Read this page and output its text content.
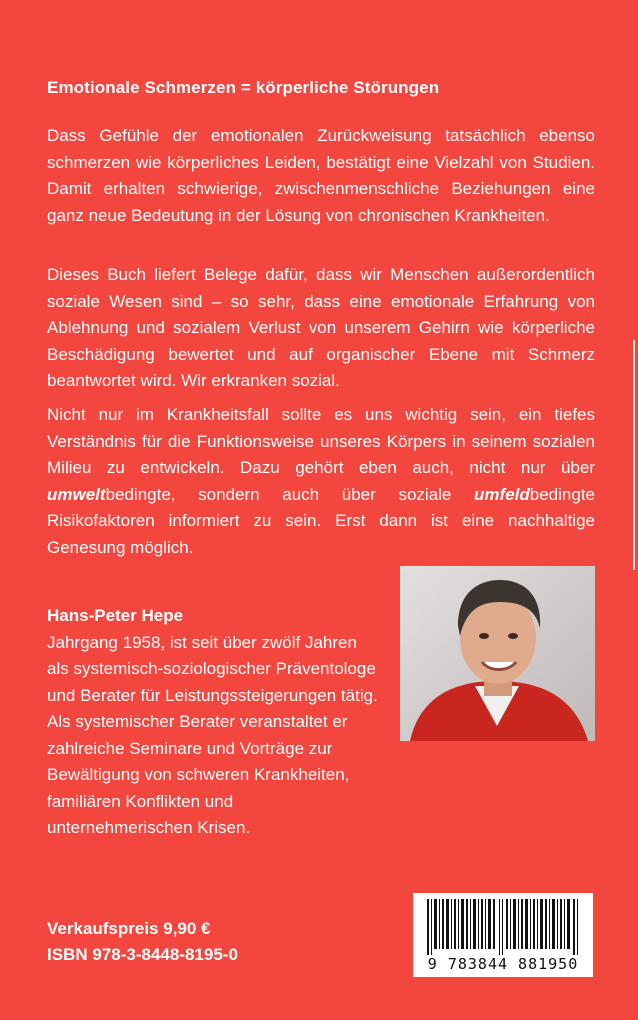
Emotionale Schmerzen = körperliche Störungen

Dass Gefühle der emotionalen Zurückweisung tatsächlich ebenso schmerzen wie körperliches Leiden, bestätigt eine Vielzahl von Studien. Damit erhalten schwierige, zwischenmenschliche Beziehungen eine ganz neue Bedeutung in der Lösung von chronischen Krankheiten.

Dieses Buch liefert Belege dafür, dass wir Menschen außerordentlich soziale Wesen sind – so sehr, dass eine emotionale Erfahrung von Ablehnung und sozialem Verlust von unserem Gehirn wie körperliche Beschädigung bewertet und auf organischer Ebene mit Schmerz beantwortet wird. Wir erkranken sozial.

Nicht nur im Krankheitsfall sollte es uns wichtig sein, ein tiefes Verständnis für die Funktionsweise unseres Körpers in seinem sozialen Milieu zu entwickeln. Dazu gehört eben auch, nicht nur über umweltbedingte, sondern auch über soziale umfeldbedingte Risikofaktoren informiert zu sein. Erst dann ist eine nachhaltige Genesung möglich.

Hans-Peter Hepe
Jahrgang 1958, ist seit über zwölf Jahren als systemisch-soziologischer Präventologe und Berater für Leistungssteigerungen tätig. Als systemischer Berater veranstaltet er zahlreiche Seminare und Vorträge zur Bewältigung von schweren Krankheiten, familiären Konflikten und unternehmerischen Krisen.
Verkaufspreis 9,90 €
ISBN 978-3-8448-8195-0	9 783844 881950
